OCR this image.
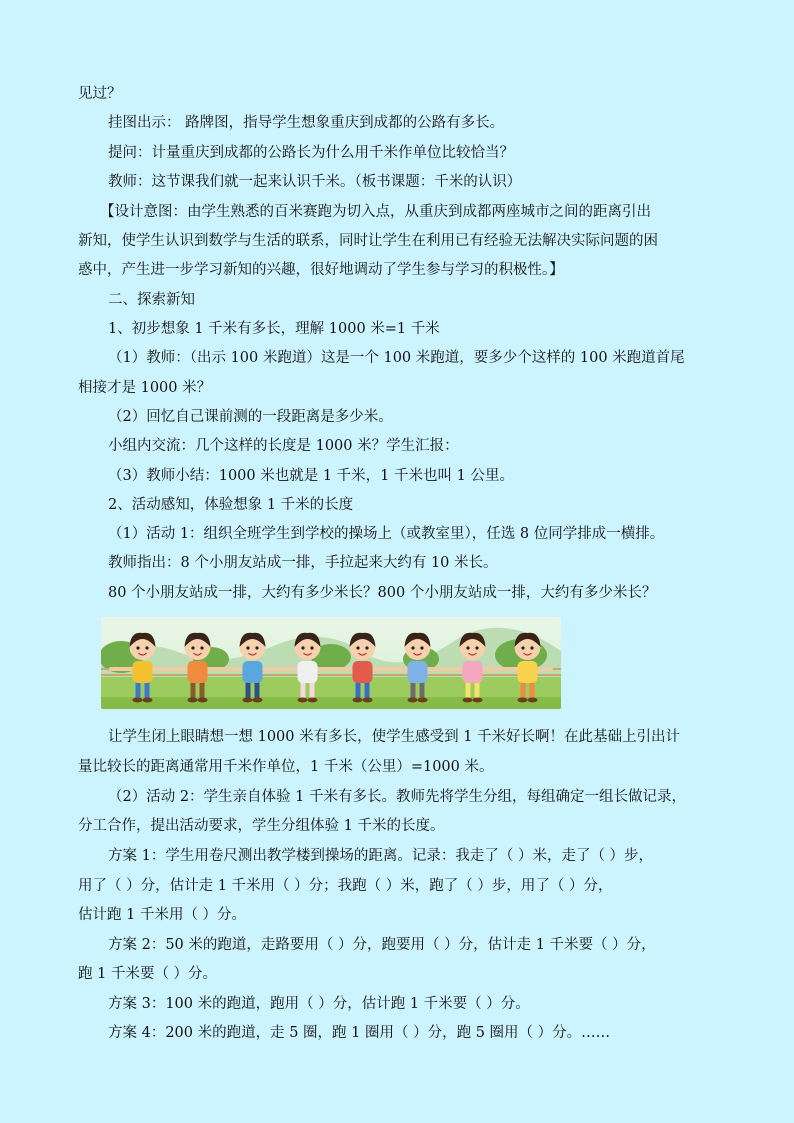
见过？
挂图出示： 路牌图，指导学生想象重庆到成都的公路有多长。
提问：计量重庆到成都的公路长为什么用千米作单位比较恰当？
教师：这节课我们就一起来认识千米。（板书课题：千米的认识）
【设计意图：由学生熟悉的百米赛跑为切入点，从重庆到成都两座城市之间的距离引出
新知，使学生认识到数学与生活的联系，同时让学生在利用已有经验无法解决实际问题的困
惑中，产生进一步学习新知的兴趣，很好地调动了学生参与学习的积极性。】
二、探索新知
1、初步想象 1 千米有多长，理解 1000 米=1 千米
（1）教师：（出示 100 米跑道）这是一个 100 米跑道，要多少个这样的 100 米跑道首尾
相接才是 1000 米？
（2）回忆自己课前测的一段距离是多少米。
小组内交流：几个这样的长度是 1000 米？学生汇报：
（3）教师小结：1000 米也就是 1 千米，1 千米也叫 1 公里。
2、活动感知，体验想象 1 千米的长度
（1）活动 1：组织全班学生到学校的操场上（或教室里），任选 8 位同学排成一横排。
教师指出：8 个小朋友站成一排，手拉起来大约有 10 米长。
80 个小朋友站成一排，大约有多少米长？800 个小朋友站成一排，大约有多少米长？
让学生闭上眼睛想一想 1000 米有多长，使学生感受到 1 千米好长啊！在此基础上引出计
量比较长的距离通常用千米作单位，1 千米（公里）=1000 米。
（2）活动 2：学生亲自体验 1 千米有多长。教师先将学生分组，每组确定一组长做记录，
分工合作，提出活动要求，学生分组体验 1 千米的长度。
方案 1：学生用卷尺测出教学楼到操场的距离。记录：我走了（ ）米，走了（ ）步，
用了（ ）分，估计走 1 千米用（ ）分；我跑（ ）米，跑了（ ）步，用了（ ）分，
估计跑 1 千米用（ ）分。
方案 2：50 米的跑道，走路要用（ ）分，跑要用（ ）分，估计走 1 千米要（ ）分，
跑 1 千米要（ ）分。
方案 3：100 米的跑道，跑用（ ）分，估计跑 1 千米要（ ）分。
方案 4：200 米的跑道，走 5 圈，跑 1 圈用（ ）分，跑 5 圈用（ ）分。……
